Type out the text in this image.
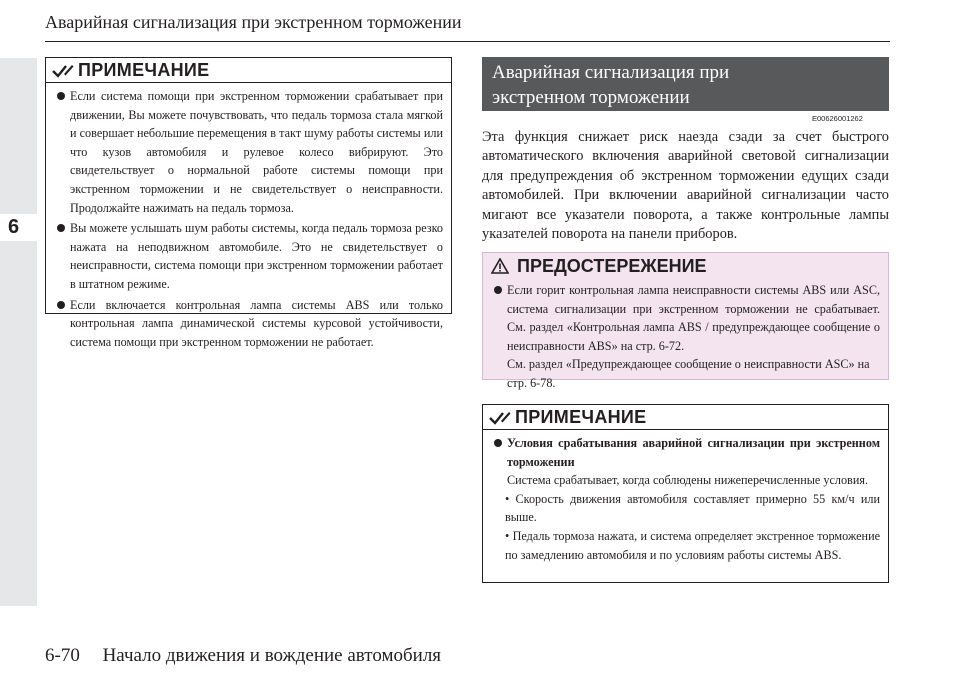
6
Аварийная сигнализация при экстренном торможении
ПРИМЕЧАНИЕ
Если система помощи при экстренном торможении срабатывает при движении, Вы можете почувствовать, что педаль тормоза стала мягкой и совершает небольшие перемещения в такт шуму работы системы или что кузов автомобиля и рулевое колесо вибрируют. Это свидетельствует о нормальной работе системы помощи при экстренном торможении и не свидетельствует о неисправности. Продолжайте нажимать на педаль тормоза.
Вы можете услышать шум работы системы, когда педаль тормоза резко нажата на неподвижном автомобиле. Это не свидетельствует о неисправности, система помощи при экстренном торможении работает в штатном режиме.
Если включается контрольная лампа системы ABS или только контрольная лампа динамической системы курсовой устойчивости, система помощи при экстренном торможении не работает.
Аварийная сигнализация при
экстренном торможении
E00626001262
Эта функция снижает риск наезда сзади за счет быстрого автоматического включения аварийной световой сигнализации для предупреждения об экстренном торможении едущих сзади автомобилей. При включении аварийной сигнализации часто мигают все указатели поворота, а также контрольные лампы указателей поворота на панели приборов.
ПРЕДОСТЕРЕЖЕНИЕ
Если горит контрольная лампа неисправности системы ABS или ASC, система сигнализации при экстренном торможении не срабатывает. См. раздел «Контрольная лампа ABS / предупреждающее сообщение о неисправности ABS» на стр. 6-72.
См. раздел «Предупреждающее сообщение о неисправности ASC» на стр. 6-78.
ПРИМЕЧАНИЕ
Условия срабатывания аварийной сигнализации при экстренном торможении
Система срабатывает, когда соблюдены нижеперечисленные условия.
• Скорость движения автомобиля составляет примерно 55 км/ч или выше.
• Педаль тормоза нажата, и система определяет экстренное торможение по замедлению автомобиля и по условиям работы системы ABS.
6-70 Начало движения и вождение автомобиля
